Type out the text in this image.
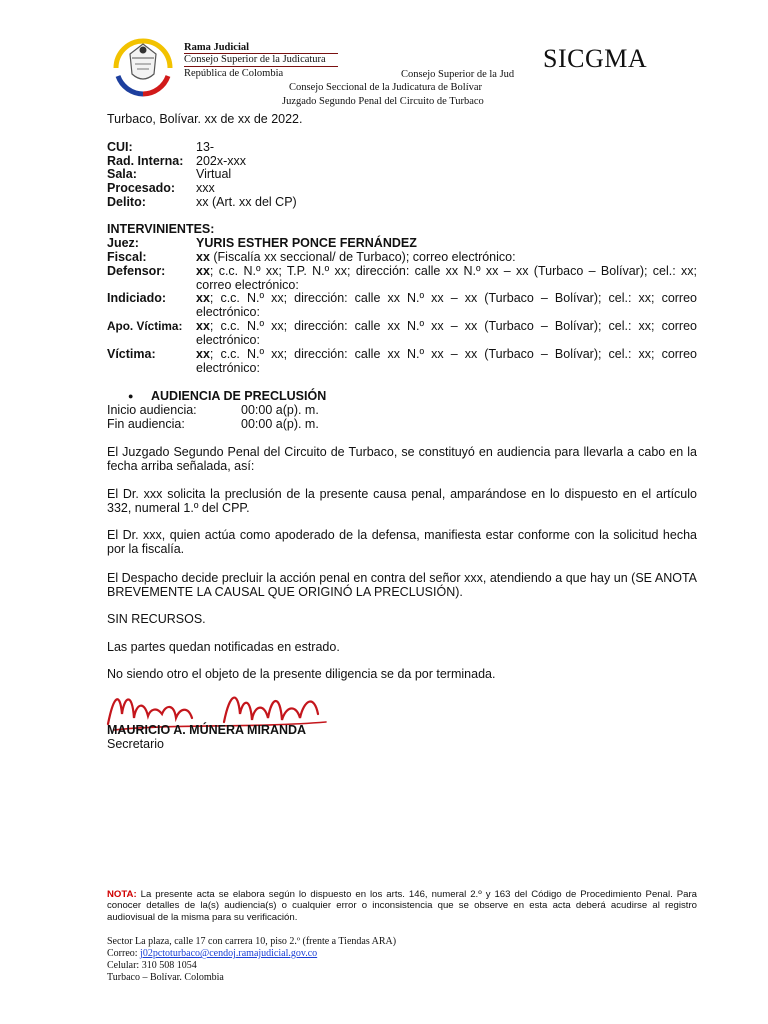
Rama Judicial
Consejo Superior de la Judicatura
República de Colombia	Consejo Superior de la Jud
SICGMA
Consejo Seccional de la Judicatura de Bolívar
Juzgado Segundo Penal del Circuito de Turbaco
Turbaco, Bolívar. xx de xx de 2022.
CUI:	13-
Rad. Interna: 202x-xxx
Sala:	Virtual
Procesado: xxx
Delito:	xx (Art. xx del CP)
INTERVINIENTES:
Juez:	YURIS ESTHER PONCE FERNÁNDEZ
Fiscal:	xx (Fiscalía xx seccional/ de Turbaco); correo electrónico:
Defensor: xx; c.c. N.º xx; T.P. N.º xx; dirección: calle xx N.º xx – xx (Turbaco – Bolívar); cel.: xx; correo electrónico:
Indiciado: xx; c.c. N.º xx; dirección: calle xx N.º xx – xx (Turbaco – Bolívar); cel.: xx; correo electrónico:
Apo. Víctima: xx; c.c. N.º xx; dirección: calle xx N.º xx – xx (Turbaco – Bolívar); cel.: xx; correo electrónico:
Víctima:	xx; c.c. N.º xx; dirección: calle xx N.º xx – xx (Turbaco – Bolívar); cel.: xx; correo electrónico:
● AUDIENCIA DE PRECLUSIÓN
Inicio audiencia:	00:00 a(p). m.
Fin audiencia:	00:00 a(p). m.
El Juzgado Segundo Penal del Circuito de Turbaco, se constituyó en audiencia para llevarla a cabo en la fecha arriba señalada, así:
El Dr. xxx solicita la preclusión de la presente causa penal, amparándose en lo dispuesto en el artículo 332, numeral 1.º del CPP.
El Dr. xxx, quien actúa como apoderado de la defensa, manifiesta estar conforme con la solicitud hecha por la fiscalía.
El Despacho decide precluir la acción penal en contra del señor xxx, atendiendo a que hay un (SE ANOTA BREVEMENTE LA CAUSAL QUE ORIGINÓ LA PRECLUSIÓN).
SIN RECURSOS.
Las partes quedan notificadas en estrado.
No siendo otro el objeto de la presente diligencia se da por terminada.
MAURICIO A. MÚNERA MIRANDA
Secretario
NOTA: La presente acta se elabora según lo dispuesto en los arts. 146, numeral 2.º y 163 del Código de Procedimiento Penal. Para conocer detalles de la(s) audiencia(s) o cualquier error o inconsistencia que se observe en esta acta deberá acudirse al registro audiovisual de la misma para su verificación.
Sector La plaza, calle 17 con carrera 10, piso 2.º (frente a Tiendas ARA)
Correo: j02pctoturbaco@cendoj.ramajudicial.gov.co
Celular: 310 508 1054
Turbaco – Bolívar. Colombia
